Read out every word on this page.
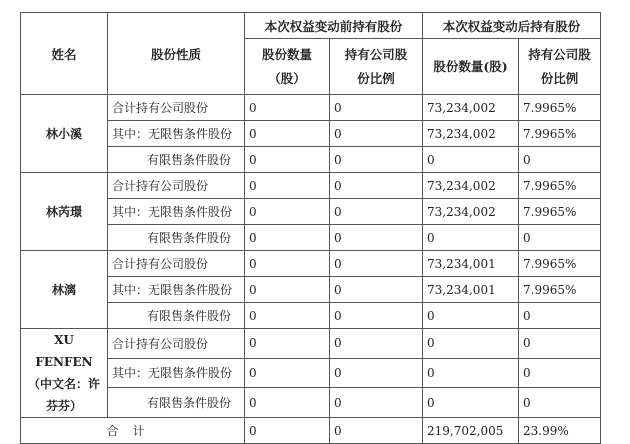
姓名	股份性质	本次权益变动前持有股份		本次权益变动后持有股份	
		股份数量（股）	持有公司股份比例	股份数量(股)	持有公司股份比例
林小溪	合计持有公司股份	0	0	73,234,002	7.9965%
	其中：无限售条件股份	0	0	73,234,002	7.9965%
	有限售条件股份	0	0	0	0
林芮璟	合计持有公司股份	0	0	73,234,002	7.9965%
	其中：无限售条件股份	0	0	73,234,002	7.9965%
	有限售条件股份	0	0	0	0
林漓	合计持有公司股份	0	0	73,234,001	7.9965%
	其中：无限售条件股份	0	0	73,234,001	7.9965%
	有限售条件股份	0	0	0	0
XU FENFEN（中文名：许芬芬）	合计持有公司股份	0	0	0	0
	其中：无限售条件股份	0	0	0	0
	有限售条件股份	0	0	0	0
合计		0	0	219,702,005	23.99%
